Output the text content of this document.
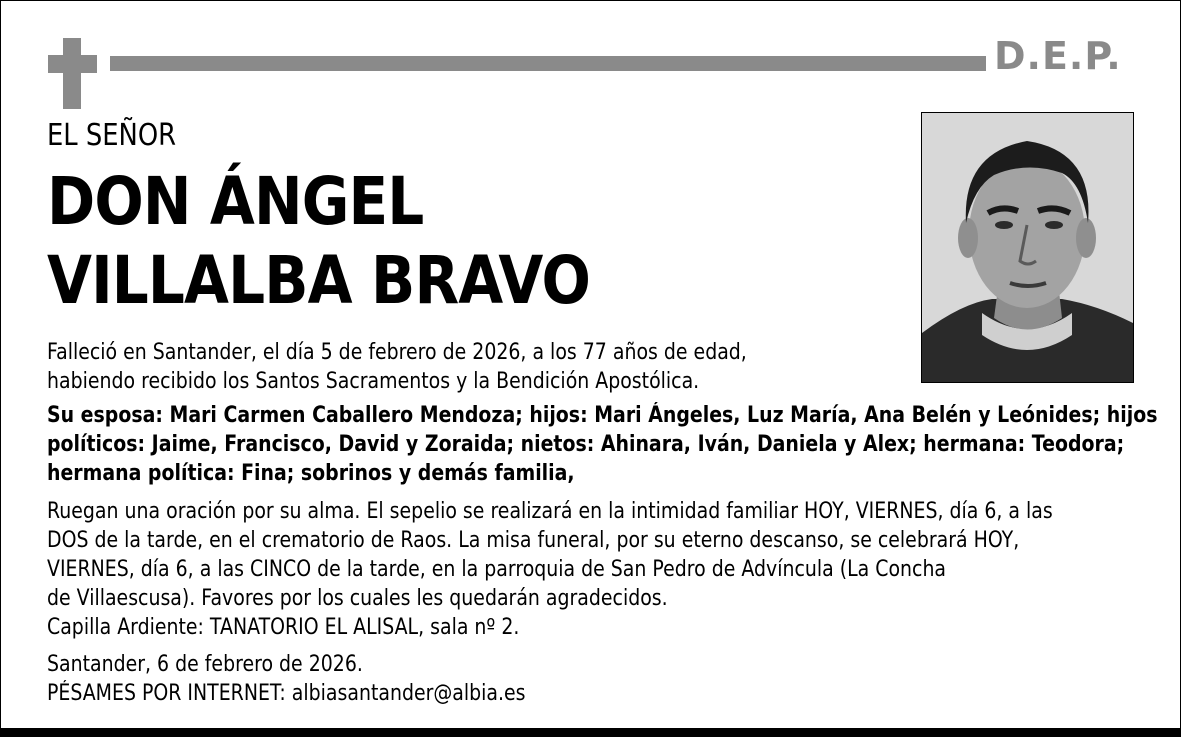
D.E.P.
EL SEÑOR
DON ÁNGEL
VILLALBA BRAVO
Falleció en Santander, el día 5 de febrero de 2026, a los 77 años de edad,
habiendo recibido los Santos Sacramentos y la Bendición Apostólica.
Su esposa: Mari Carmen Caballero Mendoza; hijos: Mari Ángeles, Luz María, Ana Belén y Leónides; hijos
políticos: Jaime, Francisco, David y Zoraida; nietos: Ahinara, Iván, Daniela y Alex; hermana: Teodora;
hermana política: Fina; sobrinos y demás familia,
Ruegan una oración por su alma. El sepelio se realizará en la intimidad familiar HOY, VIERNES, día 6, a las
DOS de la tarde, en el crematorio de Raos. La misa funeral, por su eterno descanso, se celebrará HOY,
VIERNES, día 6, a las CINCO de la tarde, en la parroquia de San Pedro de Advíncula (La Concha
de Villaescusa). Favores por los cuales les quedarán agradecidos.
Capilla Ardiente: TANATORIO EL ALISAL, sala nº 2.
Santander, 6 de febrero de 2026.
PÉSAMES POR INTERNET: albiasantander@albia.es
